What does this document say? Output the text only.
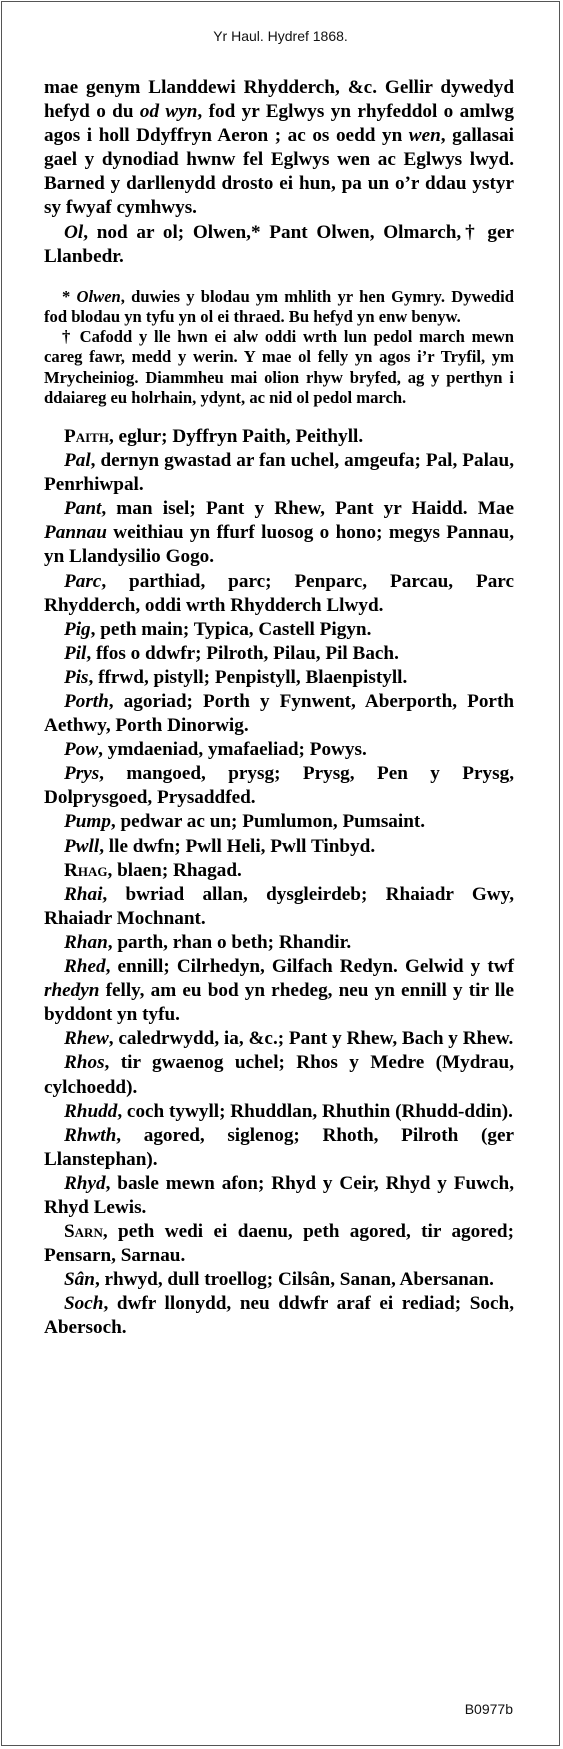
Yr Haul. Hydref 1868.

mae genym Llanddewi Rhydderch, &c. Gellir dywedyd hefyd o du od wyn, fod yr Eglwys yn rhyfeddol o amlwg agos i holl Ddyffryn Aeron ; ac os oedd yn wen, gallasai gael y dynodiad hwnw fel Eglwys wen ac Eglwys lwyd. Barned y darllenydd drosto ei hun, pa un o’r ddau ystyr sy fwyaf cymhwys.

Ol, nod ar ol; Olwen,* Pant Olwen, Olmarch,† ger Llanbedr.

* Olwen, duwies y blodau ym mhlith yr hen Gymry. Dywedid fod blodau yn tyfu yn ol ei thraed. Bu hefyd yn enw benyw.

† Cafodd y lle hwn ei alw oddi wrth lun pedol march mewn careg fawr, medd y werin. Y mae ol felly yn agos i’r Tryfil, ym Mrycheiniog. Diammheu mai olion rhyw bryfed, ag y perthyn i ddaiareg eu holrhain, ydynt, ac nid ol pedol march.

Paith, eglur; Dyffryn Paith, Peithyll.

Pal, dernyn gwastad ar fan uchel, amgeufa; Pal, Palau, Penrhiwpal.

Pant, man isel; Pant y Rhew, Pant yr Haidd. Mae Pannau weithiau yn ffurf luosog o hono; megys Pannau, yn Llandysilio Gogo.

Parc, parthiad, parc; Penparc, Parcau, Parc Rhydderch, oddi wrth Rhydderch Llwyd.

Pig, peth main; Typica, Castell Pigyn.

Pil, ffos o ddwfr; Pilroth, Pilau, Pil Bach.

Pis, ffrwd, pistyll; Penpistyll, Blaenpistyll.

Porth, agoriad; Porth y Fynwent, Aberporth, Porth Aethwy, Porth Dinorwig.

Pow, ymdaeniad, ymafaeliad; Powys.

Prys, mangoed, prysg; Prysg, Pen y Prysg, Dolprysgoed, Prysaddfed.

Pump, pedwar ac un; Pumlumon, Pumsaint.

Pwll, lle dwfn; Pwll Heli, Pwll Tinbyd.

Rhag, blaen; Rhagad.

Rhai, bwriad allan, dysgleirdeb; Rhaiadr Gwy, Rhaiadr Mochnant.

Rhan, parth, rhan o beth; Rhandir.

Rhed, ennill; Cilrhedyn, Gilfach Redyn. Gelwid y twf rhedyn felly, am eu bod yn rhedeg, neu yn ennill y tir lle byddont yn tyfu.

Rhew, caledrwydd, ia, &c.; Pant y Rhew, Bach y Rhew.

Rhos, tir gwaenog uchel; Rhos y Medre (Mydrau, cylchoedd).

Rhudd, coch tywyll; Rhuddlan, Rhuthin (Rhudd-ddin).

Rhwth, agored, siglenog; Rhoth, Pilroth (ger Llanstephan).

Rhyd, basle mewn afon; Rhyd y Ceir, Rhyd y Fuwch, Rhyd Lewis.

Sarn, peth wedi ei daenu, peth agored, tir agored; Pensarn, Sarnau.

Sân, rhwyd, dull troellog; Cilsân, Sanan, Abersanan.

Soch, dwfr llonydd, neu ddwfr araf ei rediad; Soch, Abersoch.

B0977b
